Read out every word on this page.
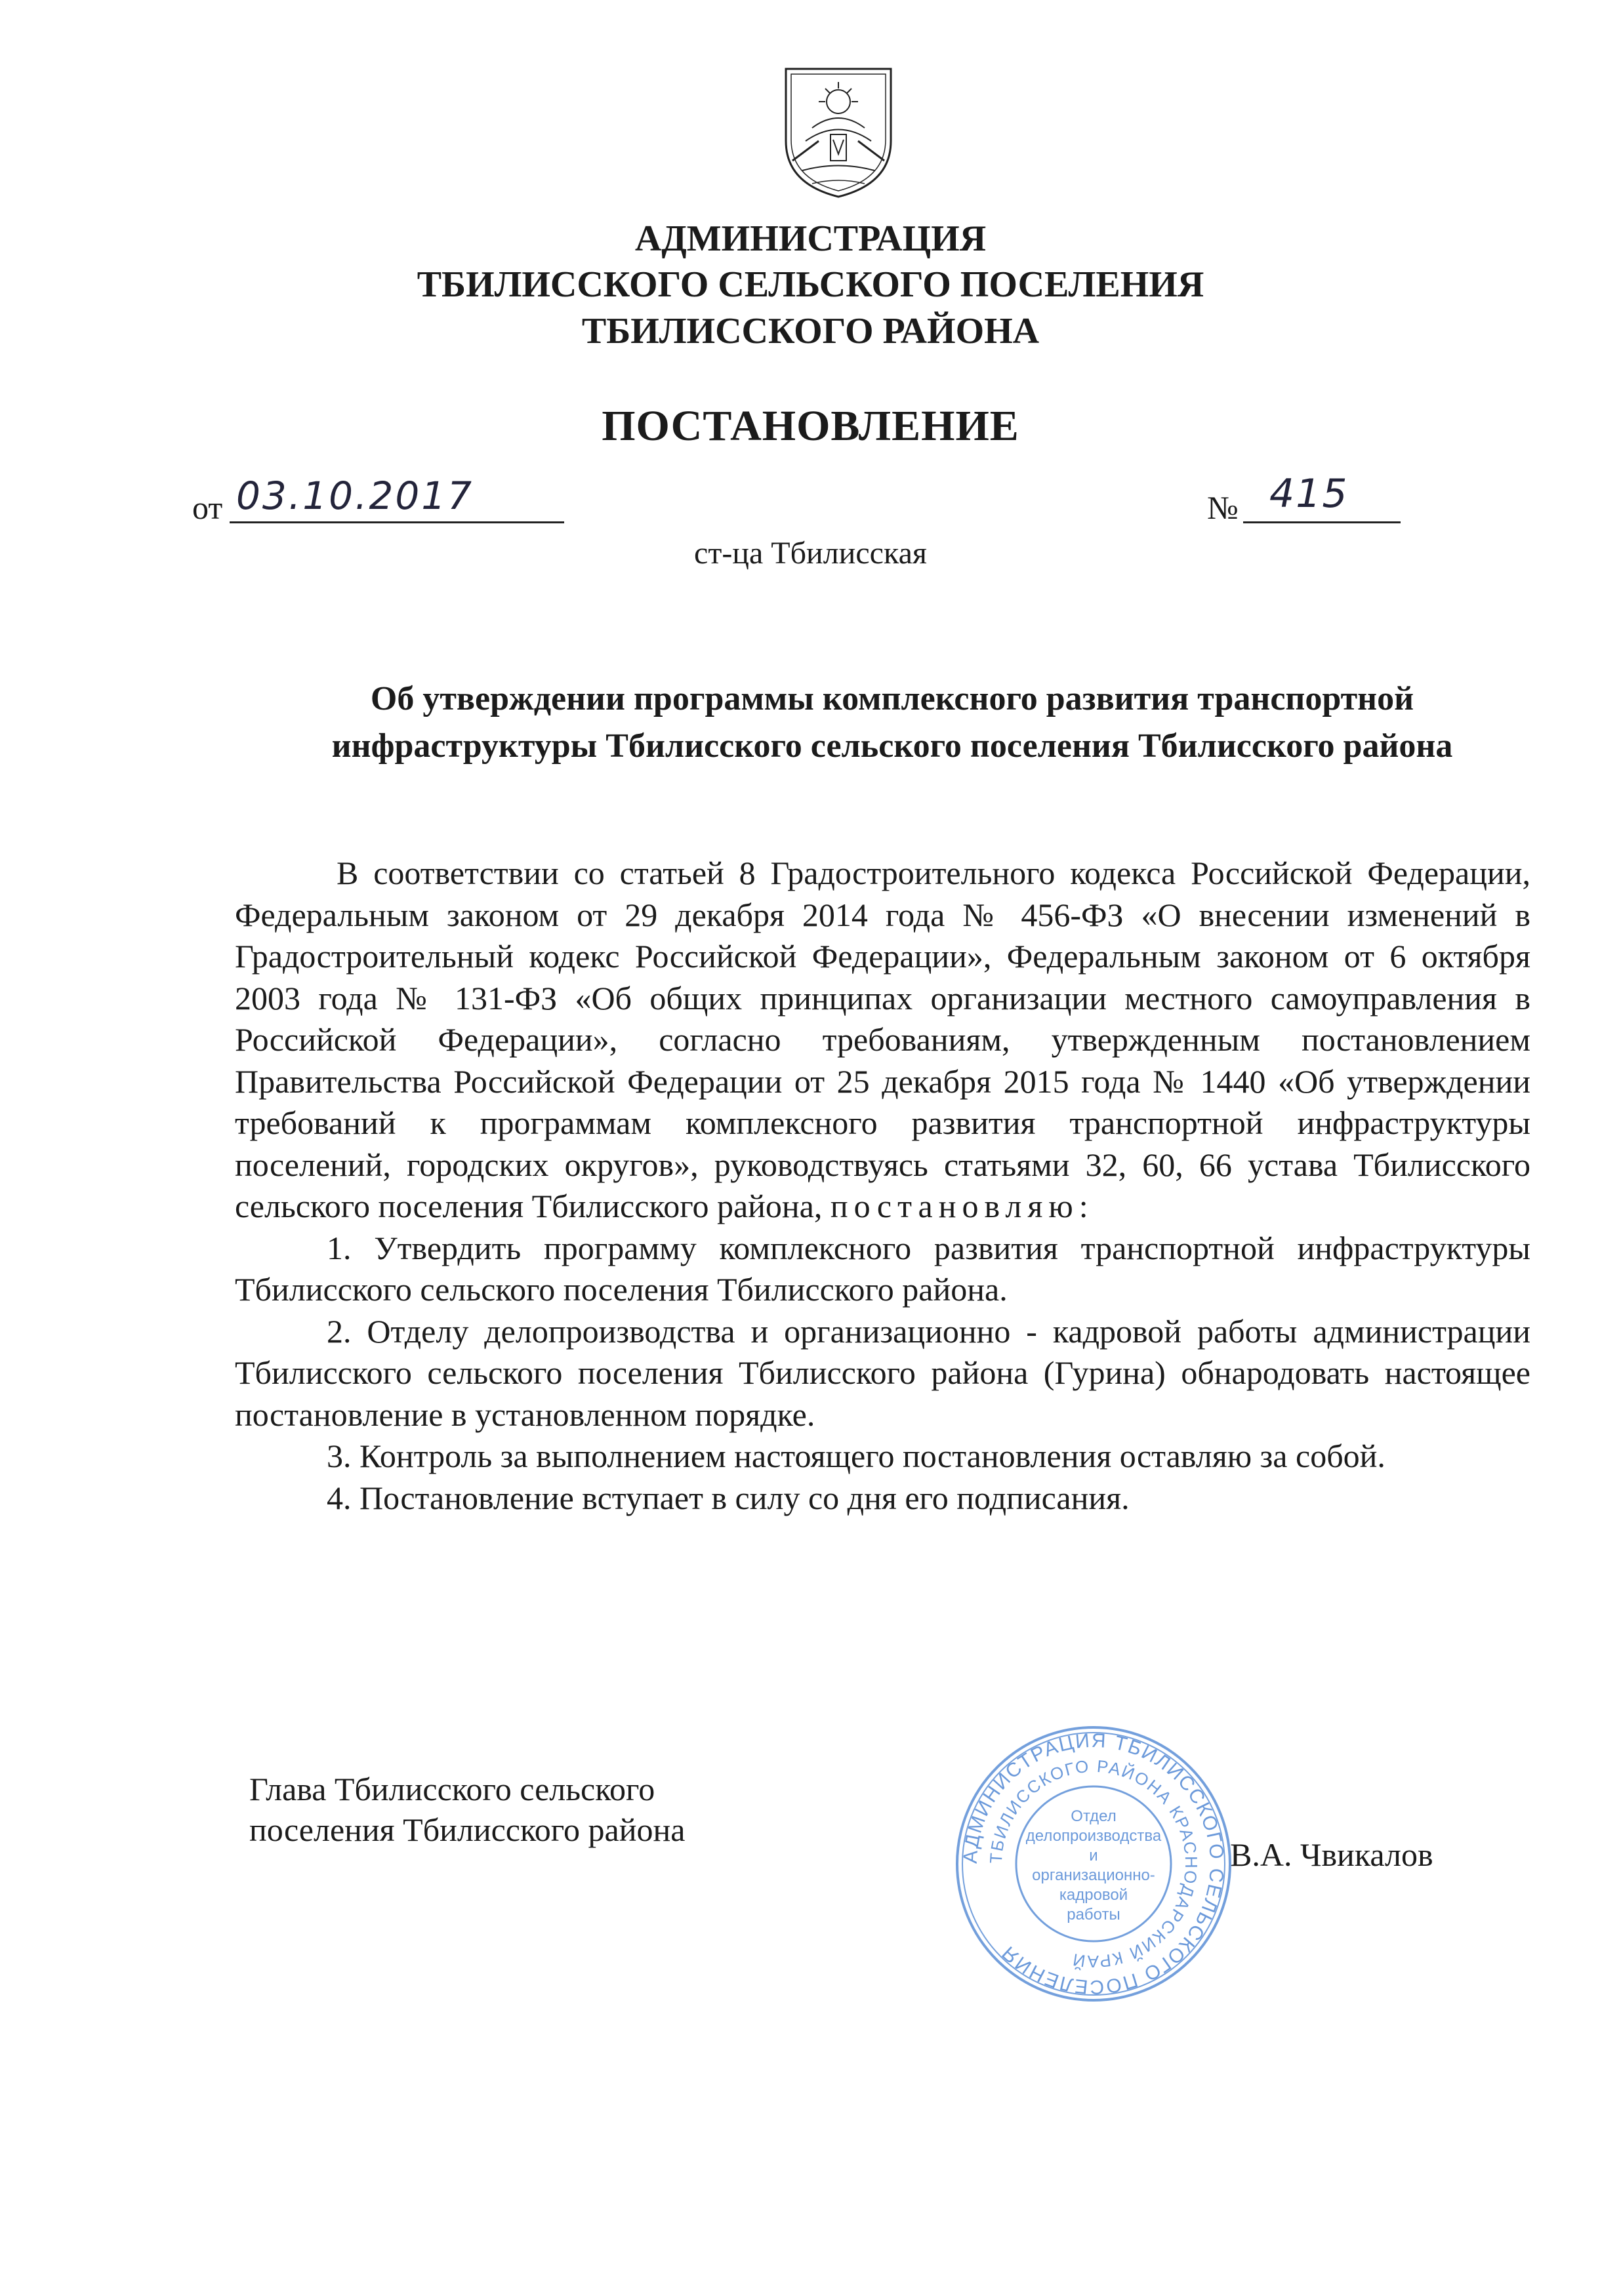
АДМИНИСТРАЦИЯ
ТБИЛИССКОГО СЕЛЬСКОГО ПОСЕЛЕНИЯ
ТБИЛИССКОГО РАЙОНА
ПОСТАНОВЛЕНИЕ
от 03.10.2017	№ 415
ст-ца Тбилисская
Об утверждении программы комплексного развития транспортной
инфраструктуры Тбилисского сельского поселения Тбилисского района

В соответствии со статьей 8 Градостроительного кодекса Российской Федерации, Федеральным законом от 29 декабря 2014 года № 456-ФЗ «О внесении изменений в Градостроительный кодекс Российской Федерации», Федеральным законом от 6 октября 2003 года № 131-ФЗ «Об общих принципах организации местного самоуправления в Российской Федерации», согласно требованиям, утвержденным постановлением Правительства Российской Федерации от 25 декабря 2015 года № 1440 «Об утверждении требований к программам комплексного развития транспортной инфраструктуры поселений, городских округов», руководствуясь статьями 32, 60, 66 устава Тбилисского сельского поселения Тбилисского района, постановляю:

1. Утвердить программу комплексного развития транспортной инфраструктуры Тбилисского сельского поселения Тбилисского района.

2. Отделу делопроизводства и организационно - кадровой работы администрации Тбилисского сельского поселения Тбилисского района (Гурина) обнародовать настоящее постановление в установленном порядке.

3. Контроль за выполнением настоящего постановления оставляю за собой.

4. Постановление вступает в силу со дня его подписания.

Глава Тбилисского сельского
поселения Тбилисского района
В.А. Чвикалов
АДМИНИСТРАЦИЯ ТБИЛИССКОГО СЕЛЬСКОГО ПОСЕЛЕНИЯ
ТБИЛИССКОГО РАЙОНА КРАСНОДАРСКИЙ КРАЙ
Отдел
делопроизводства
и
организационно-
кадровой
работы
